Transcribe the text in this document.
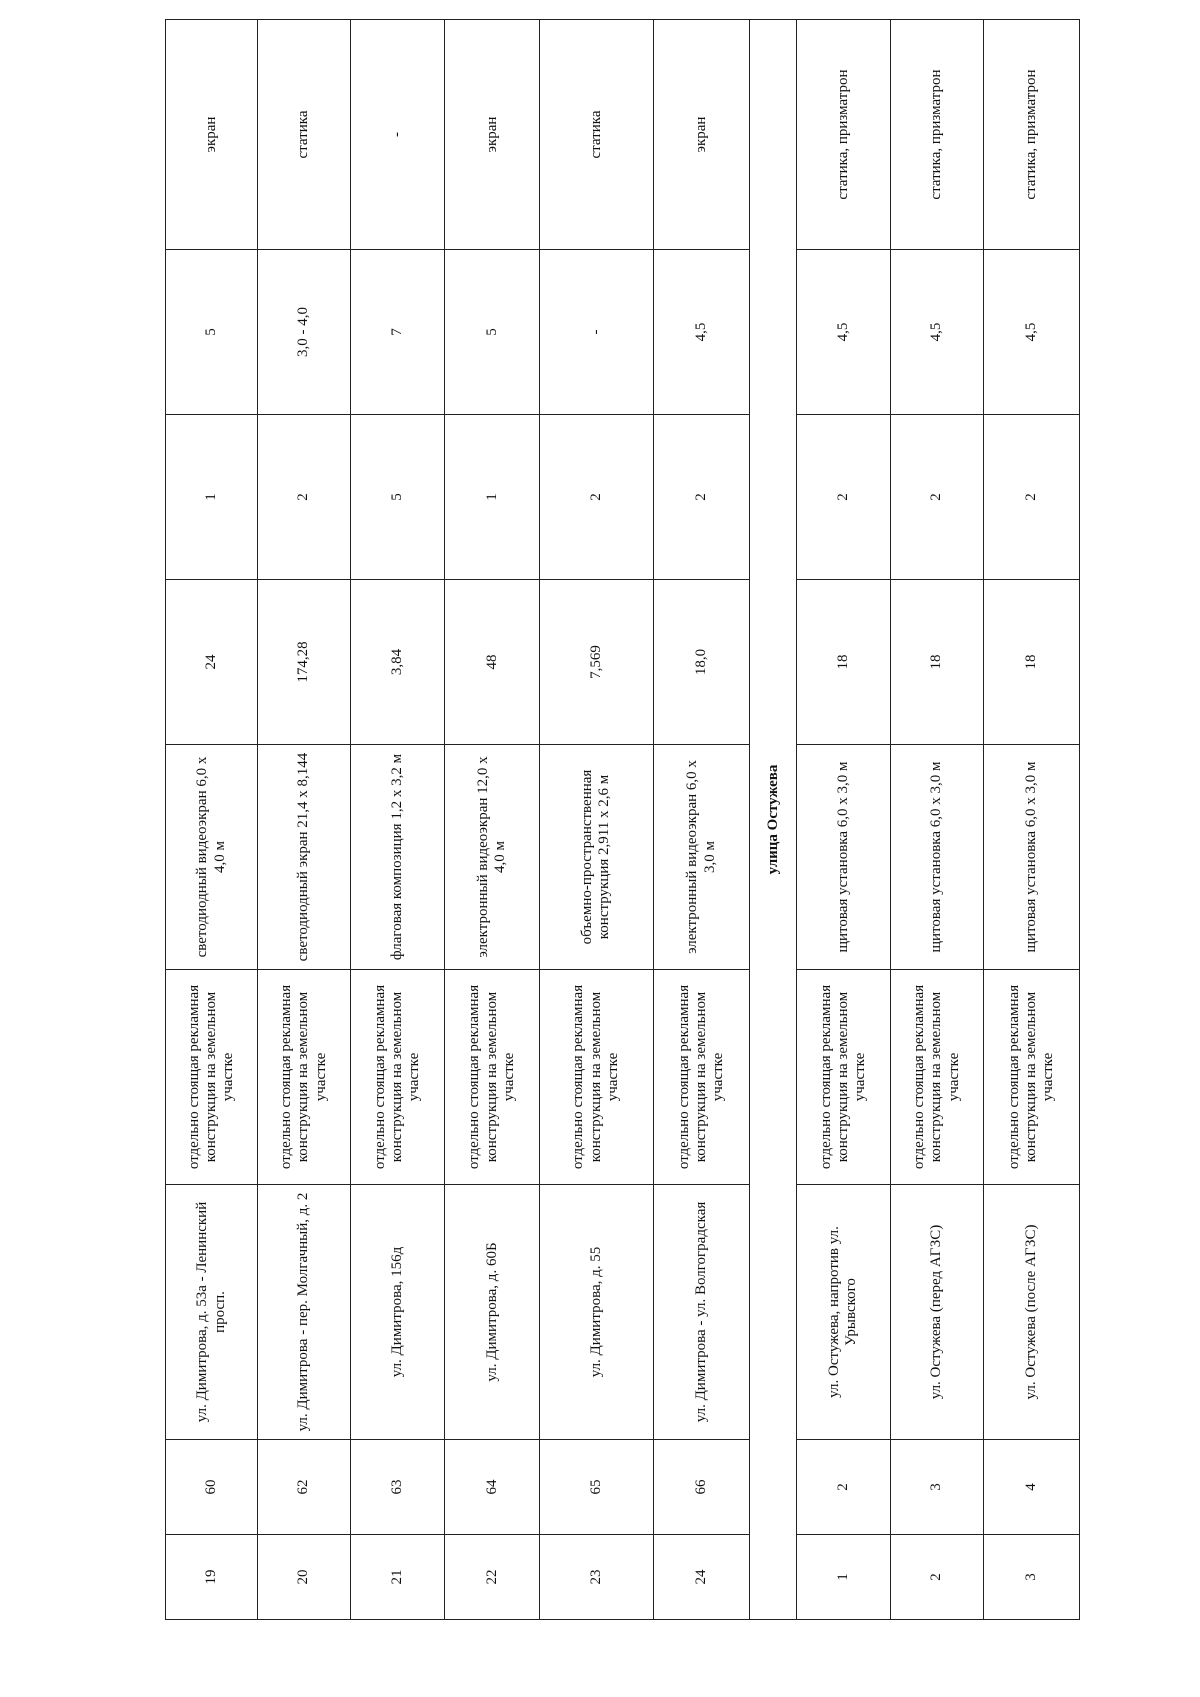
19	60	ул. Димитрова, д. 53а - Ленинский просп.	отдельно стоящая рекламная конструкция на земельном участке	светодиодный видеоэкран 6,0 х 4,0 м	24	1	5	экран
20	62	ул. Димитрова - пер. Молгачный, д. 2	отдельно стоящая рекламная конструкция на земельном участке	светодиодный экран 21,4 х 8,144	174,28	2	3,0 - 4,0	статика
21	63	ул. Димитрова, 156д	отдельно стоящая рекламная конструкция на земельном участке	флаговая композиция 1,2 х 3,2 м	3,84	5	7	-
22	64	ул. Димитрова, д. 60Б	отдельно стоящая рекламная конструкция на земельном участке	электронный видеоэкран 12,0 х 4,0 м	48	1	5	экран
23	65	ул. Димитрова, д. 55	отдельно стоящая рекламная конструкция на земельном участке	объемно-пространственная конструкция 2,911 х 2,6 м	7,569	2	-	статика
24	66	ул. Димитрова - ул. Волгоградская	отдельно стоящая рекламная конструкция на земельном участке	электронный видеоэкран 6,0 х 3,0 м	18,0	2	4,5	экран
улица Остужева								
1	2	ул. Остужева, напротив ул. Урывского	отдельно стоящая рекламная конструкция на земельном участке	щитовая установка 6,0 х 3,0 м	18	2	4,5	статика, призматрон
2	3	ул. Остужева (перед АГЗС)	отдельно стоящая рекламная конструкция на земельном участке	щитовая установка 6,0 х 3,0 м	18	2	4,5	статика, призматрон
3	4	ул. Остужева (после АГЗС)	отдельно стоящая рекламная конструкция на земельном участке	щитовая установка 6,0 х 3,0 м	18	2	4,5	статика, призматрон
